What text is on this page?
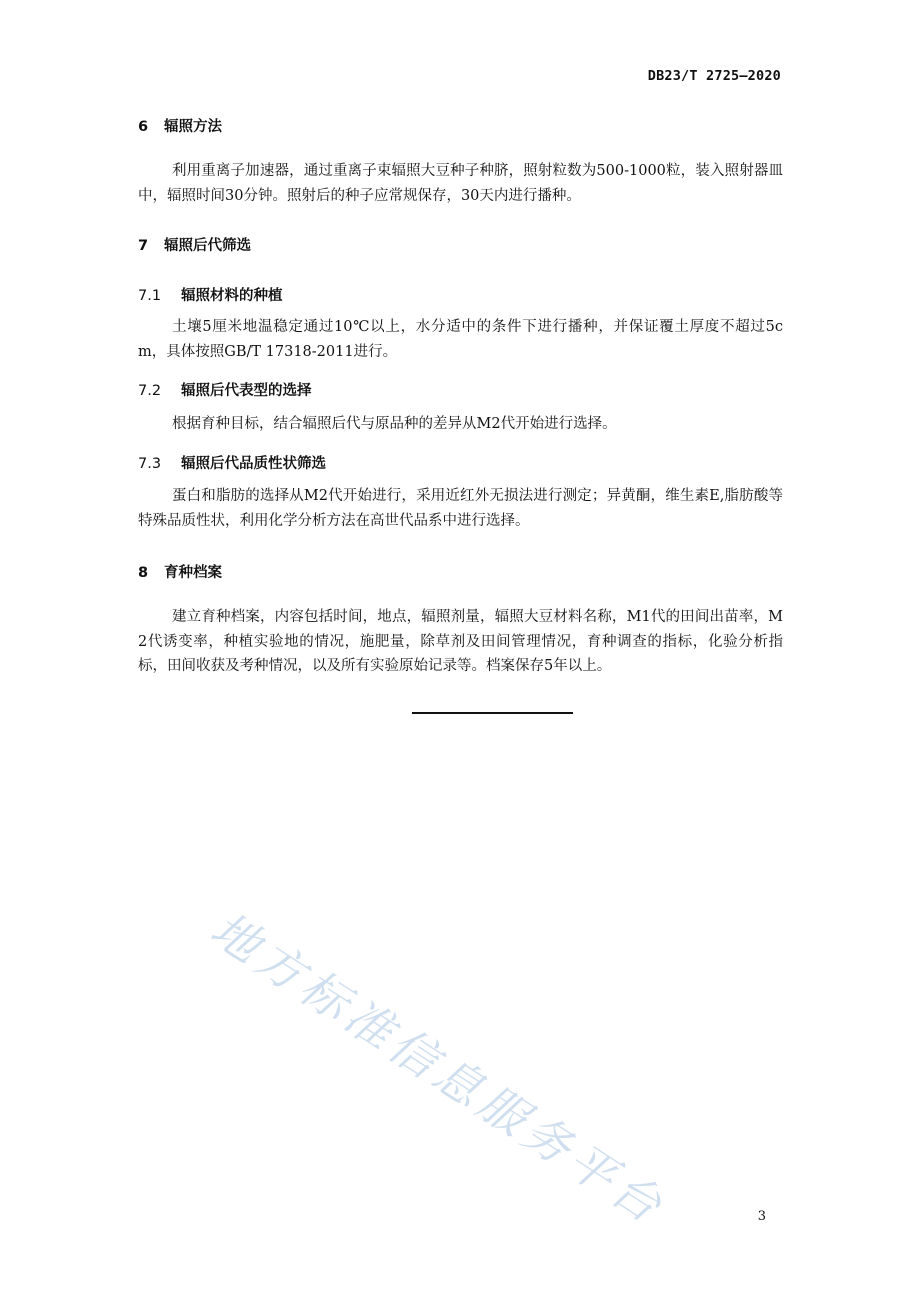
DB23/T 2725—2020
6 辐照方法
利用重离子加速器，通过重离子束辐照大豆种子种脐，照射粒数为500-1000粒，装入照射器皿中，辐照时间30分钟。照射后的种子应常规保存，30天内进行播种。
7 辐照后代筛选
7.1 辐照材料的种植
土壤5厘米地温稳定通过10℃以上，水分适中的条件下进行播种，并保证覆土厚度不超过5cm，具体按照GB/T 17318-2011进行。
7.2 辐照后代表型的选择
根据育种目标，结合辐照后代与原品种的差异从M2代开始进行选择。
7.3 辐照后代品质性状筛选
蛋白和脂肪的选择从M2代开始进行，采用近红外无损法进行测定；异黄酮，维生素E,脂肪酸等特殊品质性状，利用化学分析方法在高世代品系中进行选择。
8 育种档案
建立育种档案，内容包括时间，地点，辐照剂量，辐照大豆材料名称，M1代的田间出苗率，M2代诱变率，种植实验地的情况，施肥量，除草剂及田间管理情况，育种调查的指标，化验分析指标，田间收获及考种情况，以及所有实验原始记录等。档案保存5年以上。
地方标准信息服务平台	3
